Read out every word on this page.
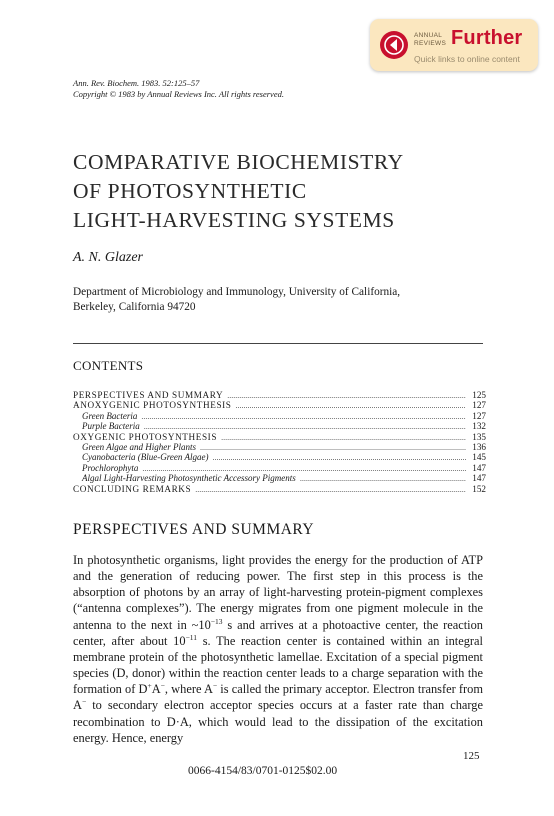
ANNUAL
REVIEWS Further
Quick links to online content
Ann. Rev. Biochem. 1983. 52:125–57
Copyright © 1983 by Annual Reviews Inc. All rights reserved.
COMPARATIVE BIOCHEMISTRY
OF PHOTOSYNTHETIC
LIGHT-HARVESTING SYSTEMS
A. N. Glazer
Department of Microbiology and Immunology, University of California,
Berkeley, California 94720
CONTENTS
PERSPECTIVES AND SUMMARY .....	125
ANOXYGENIC PHOTOSYNTHESIS .....	127
Green Bacteria .....	127
Purple Bacteria .....	132
OXYGENIC PHOTOSYNTHESIS .....	135
Green Algae and Higher Plants .....	136
Cyanobacteria (Blue-Green Algae) .....	145
Prochlorophyta .....	147
Algal Light-Harvesting Photosynthetic Accessory Pigments .....	147
CONCLUDING REMARKS .....	152
PERSPECTIVES AND SUMMARY

In photosynthetic organisms, light provides the energy for the production of ATP and the generation of reducing power. The first step in this process is the absorption of photons by an array of light-harvesting protein-pigment complexes (“antenna complexes”). The energy migrates from one pigment molecule in the antenna to the next in $\sim 10^{-13}$ s and arrives at a photoactive center, the reaction center, after about $10^{-11}$ s. The reaction center is contained within an integral membrane protein of the photosynthetic lamellae. Excitation of a special pigment species (D, donor) within the reaction center leads to a charge separation with the formation of D+A−, where A− is called the primary acceptor. Electron transfer from A− to secondary electron acceptor species occurs at a faster rate than charge recombination to D·A, which would lead to the dissipation of the excitation energy. Hence, energy

125
0066-4154/83/0701-0125$02.00
